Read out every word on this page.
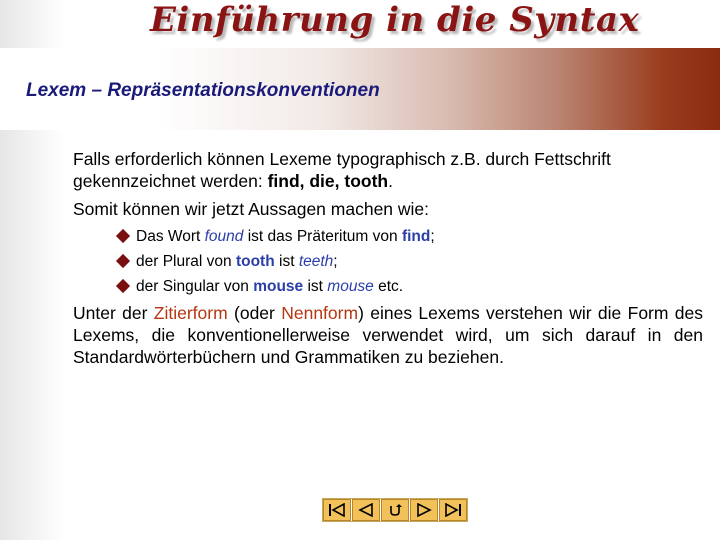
Einführung in die Syntax
Lexem – Repräsentationskonventionen
Falls erforderlich können Lexeme typographisch z.B. durch Fettschrift
gekennzeichnet werden: find, die, tooth.
Somit können wir jetzt Aussagen machen wie:
Das Wort found ist das Präteritum von find;
der Plural von tooth ist teeth;
der Singular von mouse ist mouse etc.
Unter der Zitierform (oder Nennform) eines Lexems verstehen wir die Form des Lexems, die konventionellerweise verwendet wird, um sich darauf in den Standardwörterbüchern und Grammatiken zu beziehen.
